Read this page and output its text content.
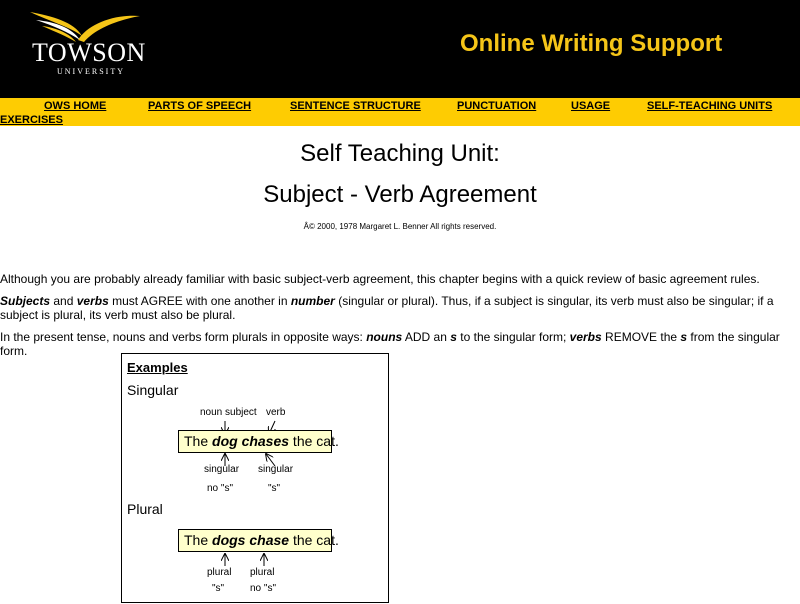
TOWSON
UNIVERSITY
Online Writing Support
OWS HOME	PARTS OF SPEECH	SENTENCE STRUCTURE	PUNCTUATION	USAGE	SELF-TEACHING UNITS
EXERCISES
Self Teaching Unit:
Subject - Verb Agreement
Â© 2000, 1978 Margaret L. Benner All rights reserved.
Although you are probably already familiar with basic subject-verb agreement, this chapter begins with a quick review of basic agreement rules.
Subjects and verbs must AGREE with one another in number (singular or plural). Thus, if a subject is singular, its verb must also be singular; if a subject is plural, its verb must also be plural.
In the present tense, nouns and verbs form plurals in opposite ways: nouns ADD an s to the singular form; verbs REMOVE the s from the singular form.
Examples
Singular
noun subject verb
The dog chases the cat.
singular singular
no "s"	"s"
Plural
The dogs chase the cat.
plural plural
"s"	no "s"
